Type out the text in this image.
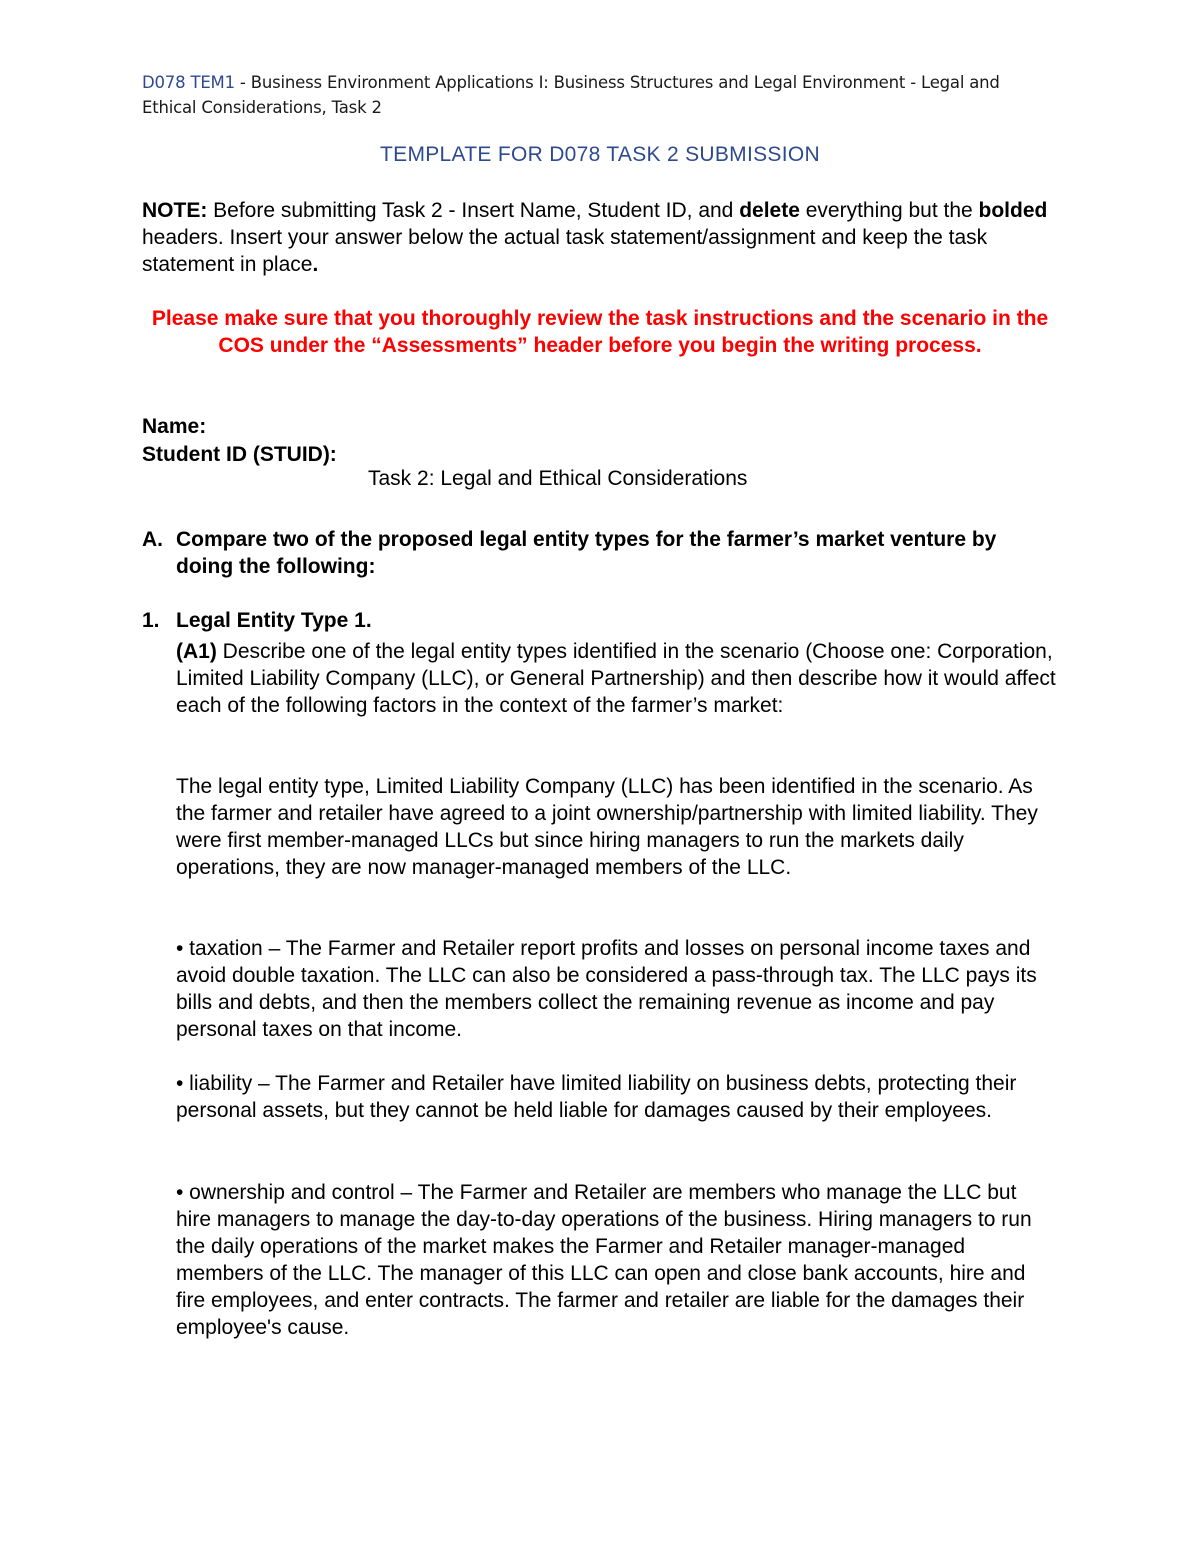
D078 TEM1 - Business Environment Applications I: Business Structures and Legal Environment - Legal and Ethical Considerations, Task 2
TEMPLATE FOR D078 TASK 2 SUBMISSION
NOTE: Before submitting Task 2 - Insert Name, Student ID, and delete everything but the bolded headers. Insert your answer below the actual task statement/assignment and keep the task statement in place.
Please make sure that you thoroughly review the task instructions and the scenario in the COS under the “Assessments” header before you begin the writing process.
Name:
Student ID (STUID):
Task 2: Legal and Ethical Considerations
A. Compare two of the proposed legal entity types for the farmer’s market venture by doing the following:
1. Legal Entity Type 1.
(A1) Describe one of the legal entity types identified in the scenario (Choose one: Corporation, Limited Liability Company (LLC), or General Partnership) and then describe how it would affect each of the following factors in the context of the farmer’s market:

The legal entity type, Limited Liability Company (LLC) has been identified in the scenario. As the farmer and retailer have agreed to a joint ownership/partnership with limited liability. They were first member-managed LLCs but since hiring managers to run the markets daily operations, they are now manager-managed members of the LLC.

• taxation – The Farmer and Retailer report profits and losses on personal income taxes and avoid double taxation. The LLC can also be considered a pass-through tax. The LLC pays its bills and debts, and then the members collect the remaining revenue as income and pay personal taxes on that income.

• liability – The Farmer and Retailer have limited liability on business debts, protecting their personal assets, but they cannot be held liable for damages caused by their employees.

• ownership and control – The Farmer and Retailer are members who manage the LLC but hire managers to manage the day-to-day operations of the business. Hiring managers to run the daily operations of the market makes the Farmer and Retailer manager-managed members of the LLC. The manager of this LLC can open and close bank accounts, hire and fire employees, and enter contracts. The farmer and retailer are liable for the damages their employee's cause.
